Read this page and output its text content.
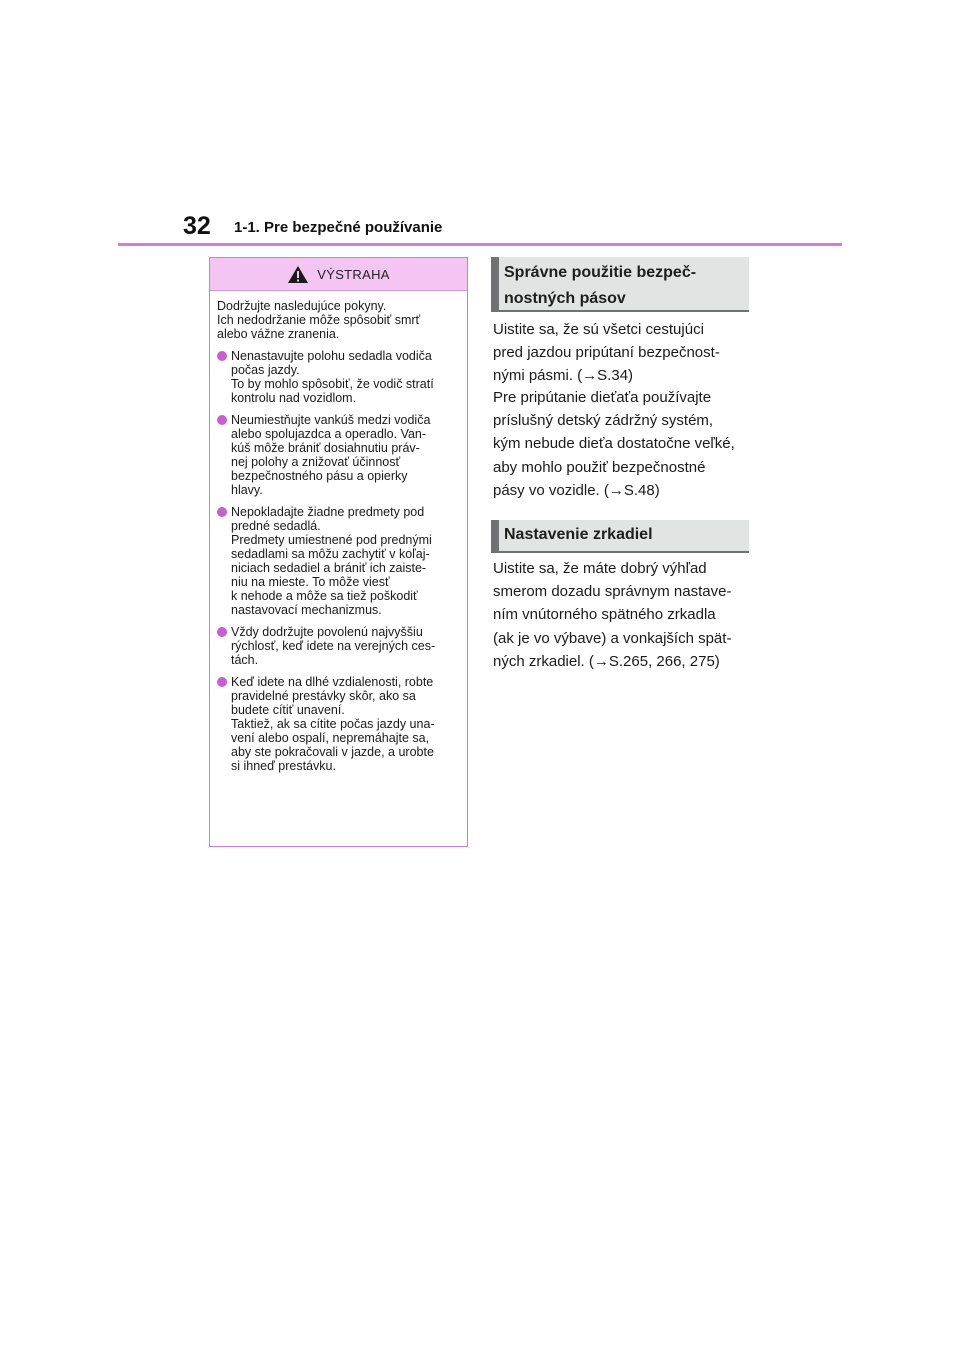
32 1-1. Pre bezpečné používanie
VÝSTRAHA

Dodržujte nasledujúce pokyny.
Ich nedodržanie môže spôsobiť smrť
alebo vážne zranenia.

Nenastavujte polohu sedadla vodiča
počas jazdy.
To by mohlo spôsobiť, že vodič stratí
kontrolu nad vozidlom.
Neumiestňujte vankúš medzi vodiča
alebo spolujazdca a operadlo. Van-
kúš môže brániť dosiahnutiu práv-
nej polohy a znižovať účinnosť
bezpečnostného pásu a opierky
hlavy.
Nepokladajte žiadne predmety pod
predné sedadlá.
Predmety umiestnené pod prednými
sedadlami sa môžu zachytiť v koľaj-
niciach sedadiel a brániť ich zaiste-
niu na mieste. To môže viesť
k nehode a môže sa tiež poškodiť
nastavovací mechanizmus.
Vždy dodržujte povolenú najvyššiu
rýchlosť, keď idete na verejných ces-
tách.
Keď idete na dlhé vzdialenosti, robte
pravidelné prestávky skôr, ako sa
budete cítiť unavení.
Taktiež, ak sa cítite počas jazdy una-
vení alebo ospalí, nepremáhajte sa,
aby ste pokračovali v jazde, a urobte
si ihneď prestávku.
Správne použitie bezpeč-
nostných pásov
Uistite sa, že sú všetci cestujúci
pred jazdou pripútaní bezpečnost-
nými pásmi. (→S.34)
Pre pripútanie dieťaťa používajte
príslušný detský zádržný systém,
kým nebude dieťa dostatočne veľké,
aby mohlo použiť bezpečnostné
pásy vo vozidle. (→S.48)
Nastavenie zrkadiel
Uistite sa, že máte dobrý výhľad
smerom dozadu správnym nastave-
ním vnútorného spätného zrkadla
(ak je vo výbave) a vonkajších spät-
ných zrkadiel. (→S.265, 266, 275)
